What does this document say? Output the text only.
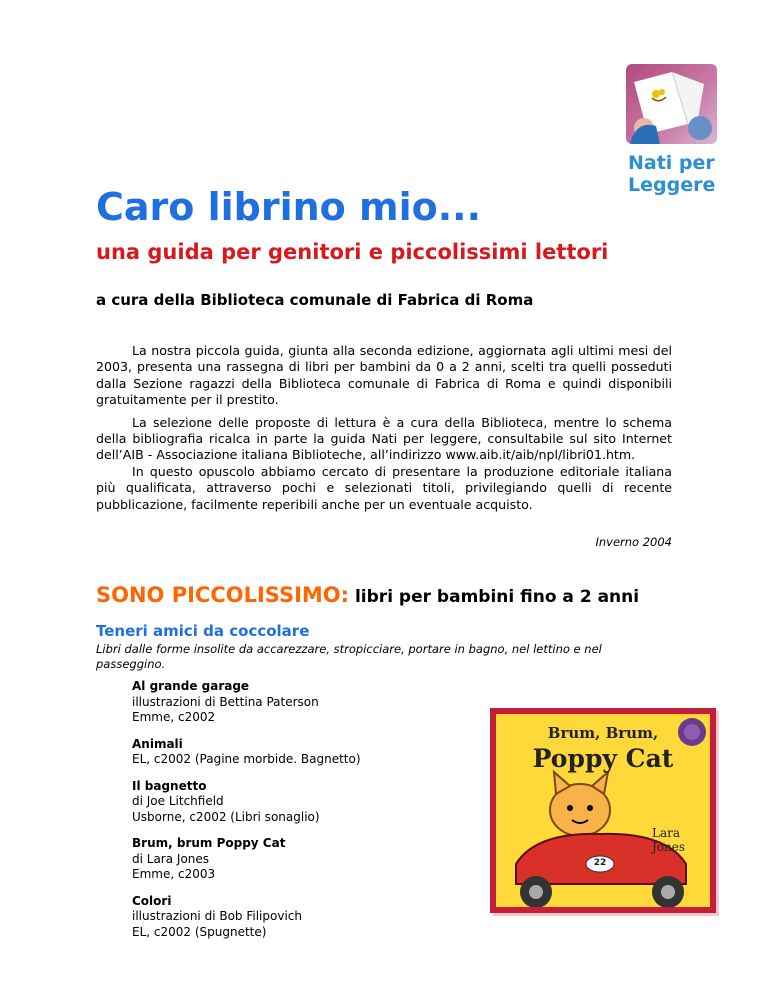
Nati per
Leggere
Caro librino mio...
una guida per genitori e piccolissimi lettori

a cura della Biblioteca comunale di Fabrica di Roma

La nostra piccola guida, giunta alla seconda edizione, aggiornata agli ultimi mesi del 2003, presenta una rassegna di libri per bambini da 0 a 2 anni, scelti tra quelli posseduti dalla Sezione ragazzi della Biblioteca comunale di Fabrica di Roma e quindi disponibili gratuitamente per il prestito.

La selezione delle proposte di lettura è a cura della Biblioteca, mentre lo schema della bibliografia ricalca in parte la guida Nati per leggere, consultabile sul sito Internet dell’AIB - Associazione italiana Biblioteche, all’indirizzo www.aib.it/aib/npl/libri01.htm.

In questo opuscolo abbiamo cercato di presentare la produzione editoriale italiana più qualificata, attraverso pochi e selezionati titoli, privilegiando quelli di recente pubblicazione, facilmente reperibili anche per un eventuale acquisto.

Inverno 2004
SONO PICCOLISSIMO: libri per bambini fino a 2 anni
Teneri amici da coccolare

Libri dalle forme insolite da accarezzare, stropicciare, portare in bagno, nel lettino e nel passeggino.

Al grande garage
illustrazioni di Bettina Paterson
Emme, c2002
Animali
EL, c2002 (Pagine morbide. Bagnetto)
Il bagnetto
di Joe Litchfield
Usborne, c2002 (Libri sonaglio)
Brum, brum Poppy Cat
di Lara Jones
Emme, c2003
Colori
illustrazioni di Bob Filipovich
EL, c2002 (Spugnette)
Brum, Brum,
Poppy Cat
Lara
Jones
22
